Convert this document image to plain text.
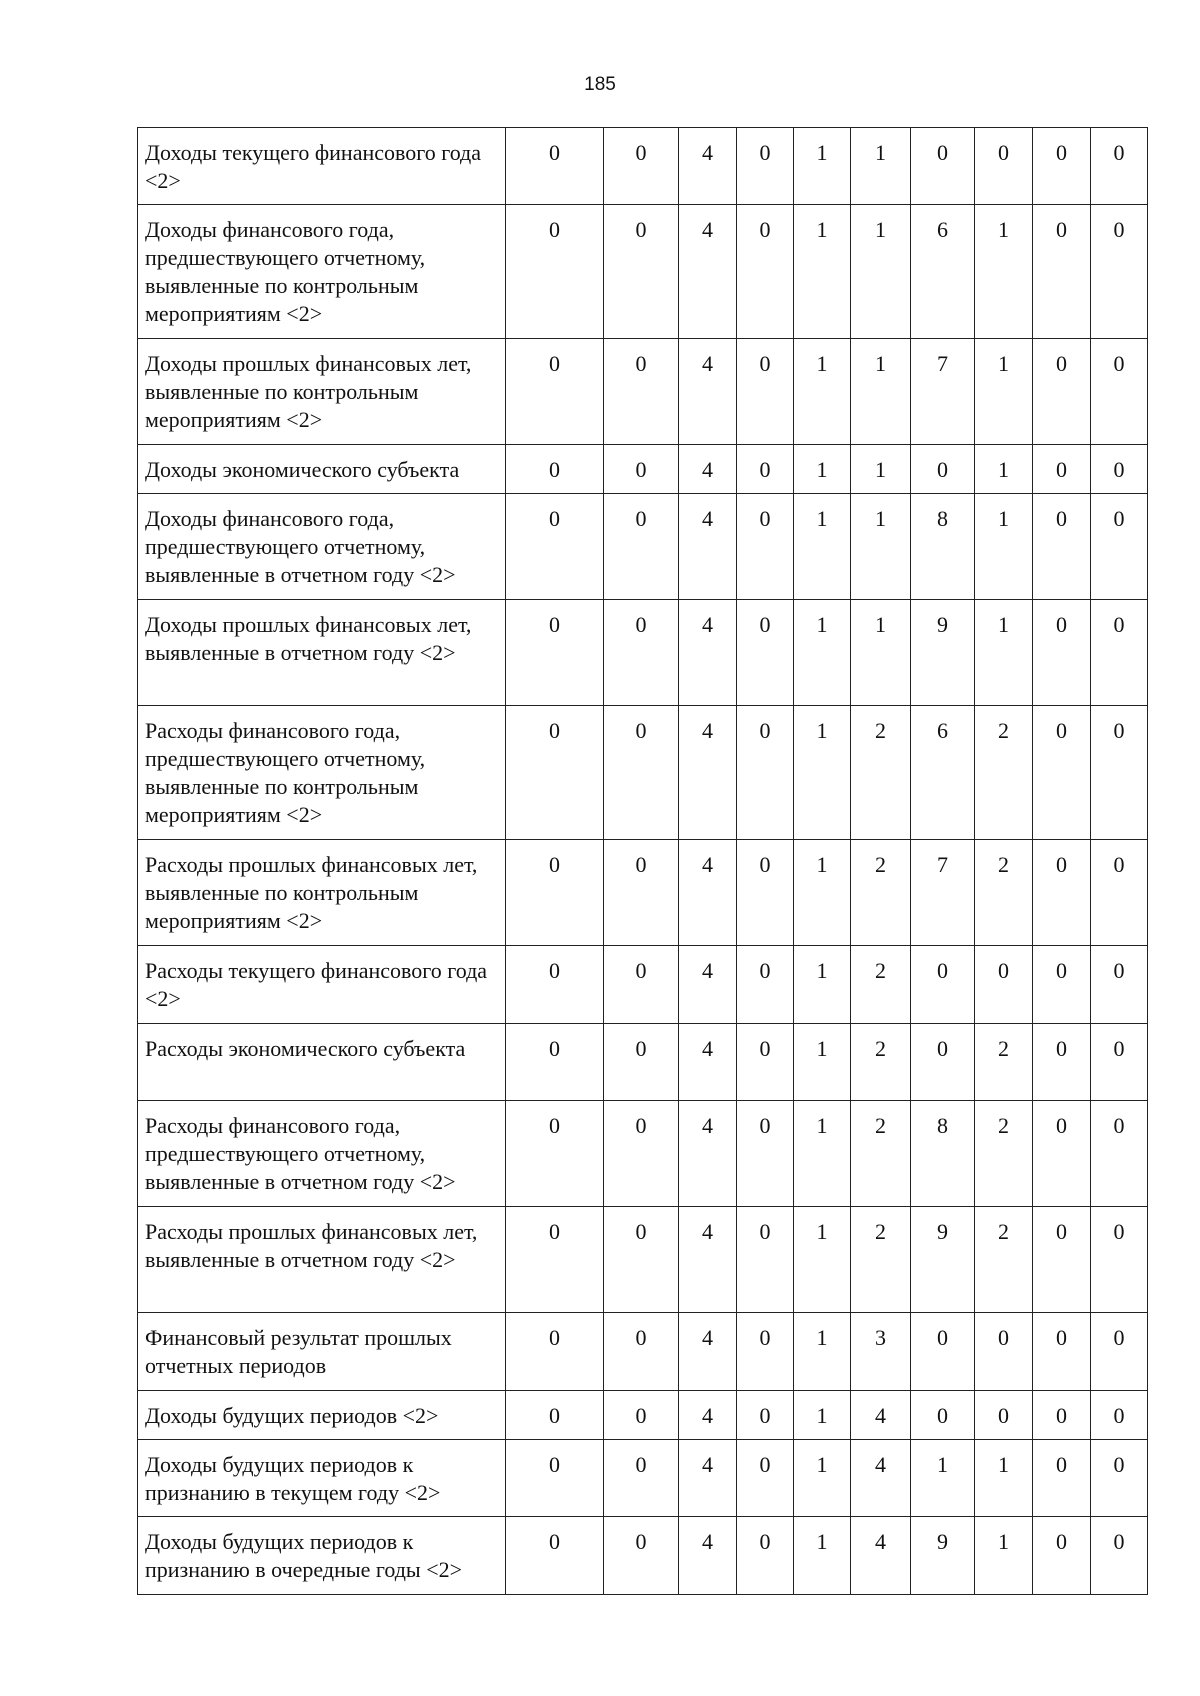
185
Доходы текущего финансового года <2>	0	0	4	0	1	1	0	0	0	0
Доходы финансового года, предшествующего отчетному, выявленные по контрольным мероприятиям <2>	0	0	4	0	1	1	6	1	0	0
Доходы прошлых финансовых лет, выявленные по контрольным мероприятиям <2>	0	0	4	0	1	1	7	1	0	0
Доходы экономического субъекта	0	0	4	0	1	1	0	1	0	0
Доходы финансового года, предшествующего отчетному, выявленные в отчетном году <2>	0	0	4	0	1	1	8	1	0	0
Доходы прошлых финансовых лет, выявленные в отчетном году <2>	0	0	4	0	1	1	9	1	0	0
Расходы финансового года, предшествующего отчетному, выявленные по контрольным мероприятиям <2>	0	0	4	0	1	2	6	2	0	0
Расходы прошлых финансовых лет, выявленные по контрольным мероприятиям <2>	0	0	4	0	1	2	7	2	0	0
Расходы текущего финансового года <2>	0	0	4	0	1	2	0	0	0	0
Расходы экономического субъекта	0	0	4	0	1	2	0	2	0	0
Расходы финансового года, предшествующего отчетному, выявленные в отчетном году <2>	0	0	4	0	1	2	8	2	0	0
Расходы прошлых финансовых лет, выявленные в отчетном году <2>	0	0	4	0	1	2	9	2	0	0
Финансовый результат прошлых отчетных периодов	0	0	4	0	1	3	0	0	0	0
Доходы будущих периодов <2>	0	0	4	0	1	4	0	0	0	0
Доходы будущих периодов к признанию в текущем году <2>	0	0	4	0	1	4	1	1	0	0
Доходы будущих периодов к признанию в очередные годы <2>	0	0	4	0	1	4	9	1	0	0
